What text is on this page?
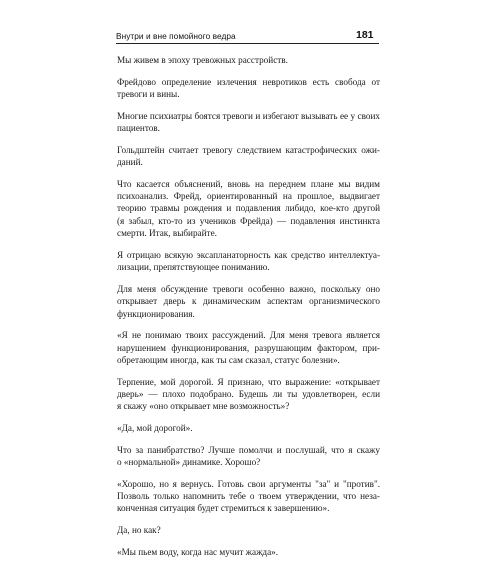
Внутри и вне помойного ведра	181

Мы живем в эпоху тревожных расстройств.

Фрейдово определение излечения невротиков есть свобода от
тревоги и вины.

Многие психиатры боятся тревоги и избегают вызывать ее у своих
пациентов.

Гольдштейн считает тревогу следствием катастрофических ожи-
даний.

Что касается объяснений, вновь на переднем плане мы видим
психоанализ. Фрейд, ориентированный на прошлое, выдвигает
теорию травмы рождения и подавления либидо, кое-кто другой
(я забыл, кто-то из учеников Фрейда) — подавления инстинкта
смерти. Итак, выбирайте.

Я отрицаю всякую эксапланаторность как средство интеллектуа-
лизации, препятствующее пониманию.

Для меня обсуждение тревоги особенно важно, поскольку оно
открывает дверь к динамическим аспектам организмического
функционирования.

«Я не понимаю твоих рассуждений. Для меня тревога является
нарушением функционирования, разрушающим фактором, при-
обретающим иногда, как ты сам сказал, статус болезни».

Терпение, мой дорогой. Я признаю, что выражение: «открывает
дверь» — плохо подобрано. Будешь ли ты удовлетворен, если
я скажу «оно открывает мне возможность»?

«Да, мой дорогой».

Что за панибратство? Лучше помолчи и послушай, что я скажу
о «нормальной» динамике. Хорошо?

«Хорошо, но я вернусь. Готовь свои аргументы "за" и "против".
Позволь только напомнить тебе о твоем утверждении, что неза-
конченная ситуация будет стремиться к завершению».

Да, но как?

«Мы пьем воду, когда нас мучит жажда».
